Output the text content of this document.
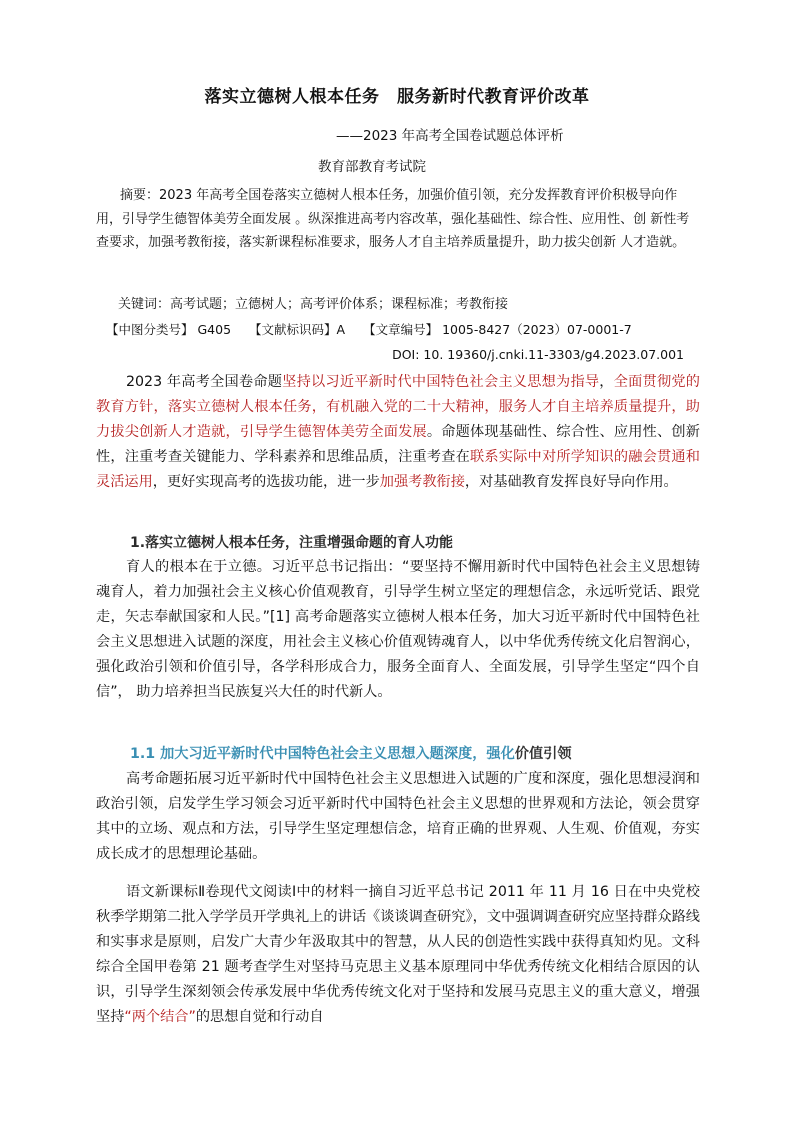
落实立德树人根本任务　服务新时代教育评价改革
——2023 年高考全国卷试题总体评析
教育部教育考试院
摘要：2023 年高考全国卷落实立德树人根本任务，加强价值引领，充分发挥教育评价积极导向作用，引导学生德智体美劳全面发展 。纵深推进高考内容改革，强化基础性、综合性、应用性、创 新性考查要求，加强考教衔接，落实新课程标准要求，服务人才自主培养质量提升，助力拔尖创新 人才造就。
关键词：高考试题；立德树人；高考评价体系；课程标准；考教衔接
【中图分类号】 G405 【文献标识码】A 【文章编号】 1005-8427（2023）07-0001-7
DOI: 10. 19360/j.cnki.11-3303/g4.2023.07.001

2023 年高考全国卷命题坚持以习近平新时代中国特色社会主义思想为指导，全面贯彻党的教育方针，落实立德树人根本任务，有机融入党的二十大精神，服务人才自主培养质量提升，助力拔尖创新人才造就，引导学生德智体美劳全面发展。命题体现基础性、综合性、应用性、创新性，注重考查关键能力、学科素养和思维品质，注重考查在联系实际中对所学知识的融会贯通和灵活运用，更好实现高考的选拔功能，进一步加强考教衔接，对基础教育发挥良好导向作用。

1.落实立德树人根本任务，注重增强命题的育人功能

育人的根本在于立德。习近平总书记指出：“要坚持不懈用新时代中国特色社会主义思想铸魂育人，着力加强社会主义核心价值观教育，引导学生树立坚定的理想信念，永远听党话、跟党走，矢志奉献国家和人民。”[1] 高考命题落实立德树人根本任务，加大习近平新时代中国特色社会主义思想进入试题的深度，用社会主义核心价值观铸魂育人，以中华优秀传统文化启智润心，强化政治引领和价值引导，各学科形成合力，服务全面育人、全面发展，引导学生坚定“四个自信”， 助力培养担当民族复兴大任的时代新人。

1.1 加大习近平新时代中国特色社会主义思想入题深度，强化价值引领

高考命题拓展习近平新时代中国特色社会主义思想进入试题的广度和深度，强化思想浸润和政治引领，启发学生学习领会习近平新时代中国特色社会主义思想的世界观和方法论，领会贯穿其中的立场、观点和方法，引导学生坚定理想信念，培育正确的世界观、人生观、价值观，夯实成长成才的思想理论基础。

语文新课标Ⅱ卷现代文阅读Ⅰ中的材料一摘自习近平总书记 2011 年 11 月 16 日在中央党校秋季学期第二批入学学员开学典礼上的讲话《谈谈调查研究》，文中强调调查研究应坚持群众路线和实事求是原则，启发广大青少年汲取其中的智慧，从人民的创造性实践中获得真知灼见。文科综合全国甲卷第 21 题考查学生对坚持马克思主义基本原理同中华优秀传统文化相结合原因的认识，引导学生深刻领会传承发展中华优秀传统文化对于坚持和发展马克思主义的重大意义，增强坚持“两个结合”的思想自觉和行动自
